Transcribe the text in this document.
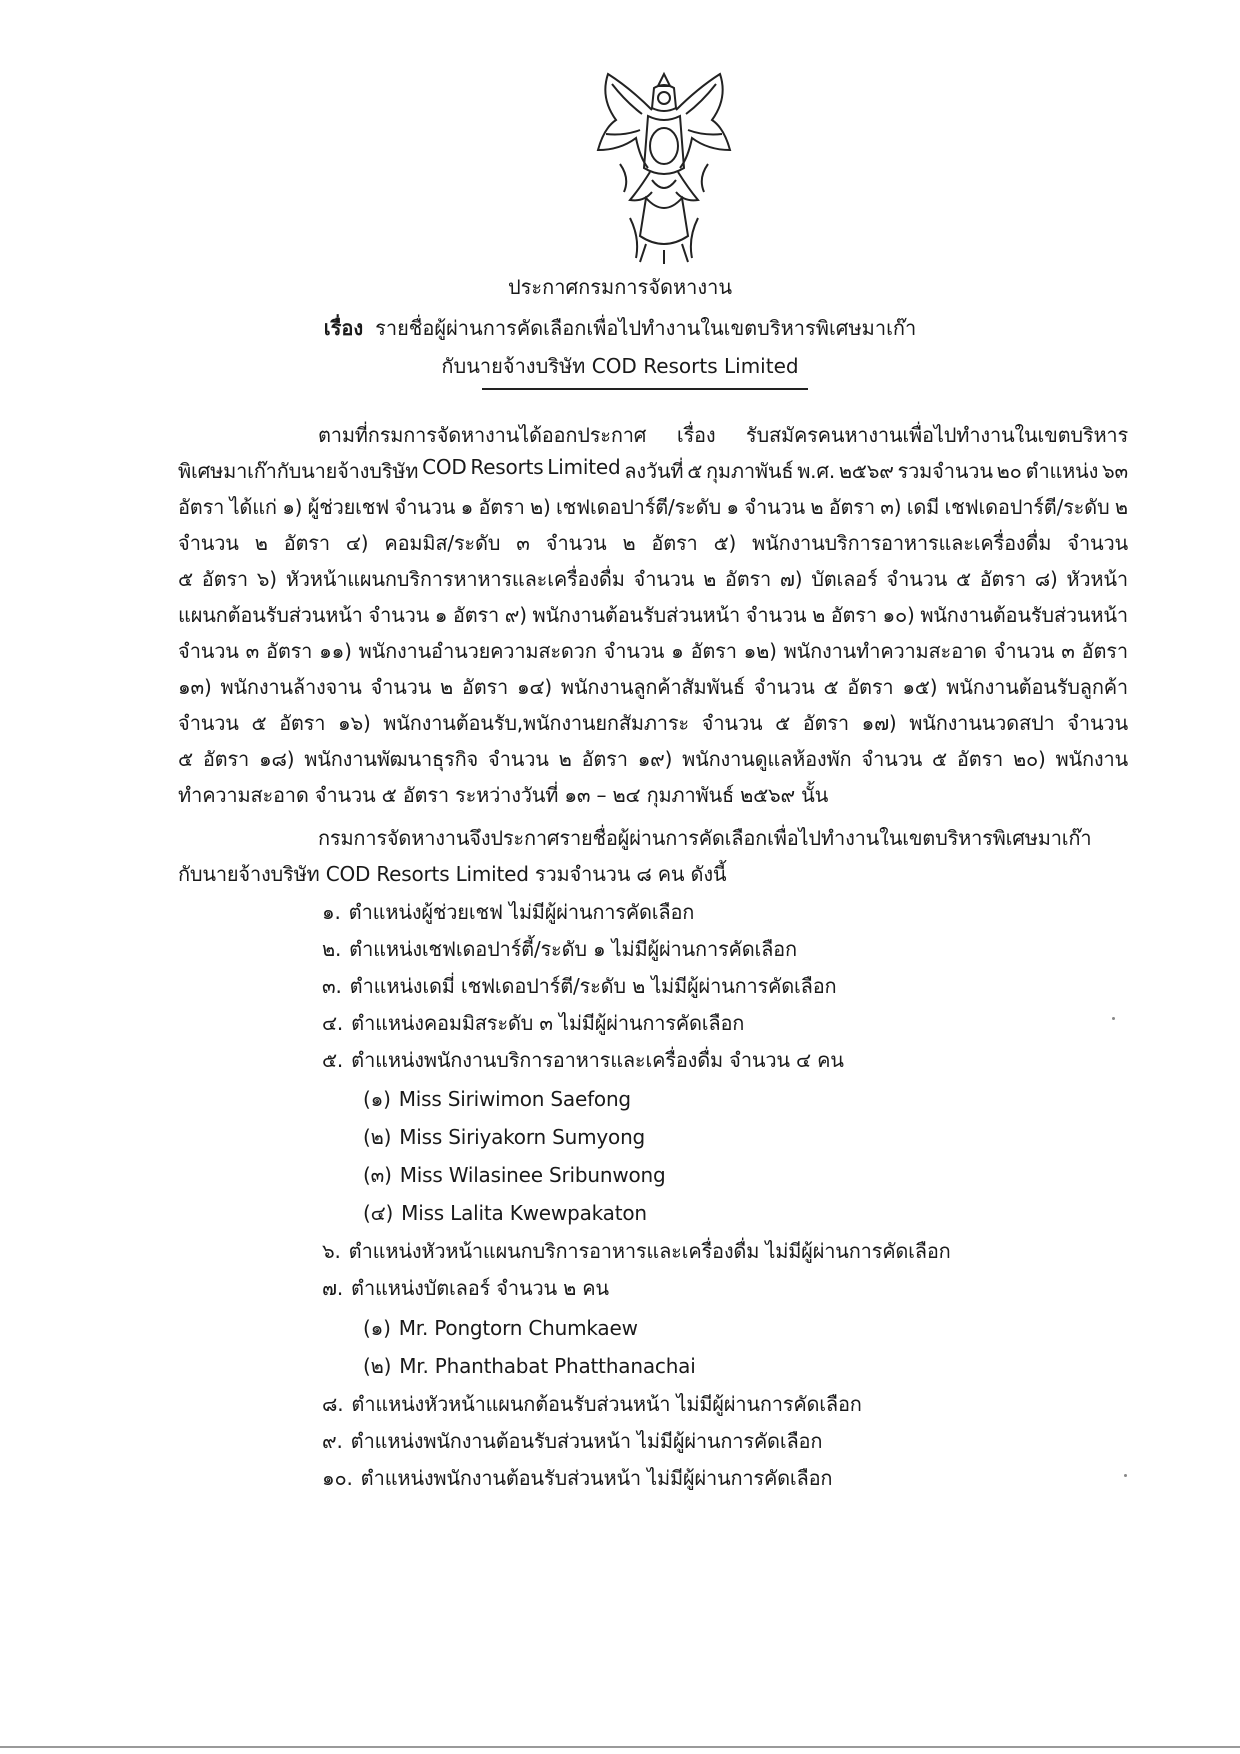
ประกาศกรมการจัดหางาน
เรื่อง รายชื่อผู้ผ่านการคัดเลือกเพื่อไปทำงานในเขตบริหารพิเศษมาเก๊า
กับนายจ้างบริษัท COD Resorts Limited
ตามที่กรมการจัดหางานได้ออกประกาศ เรื่อง รับสมัครคนหางานเพื่อไปทำงานในเขตบริหาร
พิเศษมาเก๊ากับนายจ้างบริษัท COD Resorts Limited ลงวันที่ ๕ กุมภาพันธ์ พ.ศ. ๒๕๖๙ รวมจำนวน ๒๐ ตำแหน่ง ๖๓
อัตรา ได้แก่ ๑) ผู้ช่วยเชฟ จำนวน ๑ อัตรา ๒) เชฟเดอปาร์ตี/ระดับ ๑ จำนวน ๒ อัตรา ๓) เดมี เชฟเดอปาร์ตี/ระดับ ๒
จำนวน ๒ อัตรา ๔) คอมมิส/ระดับ ๓ จำนวน ๒ อัตรา ๕) พนักงานบริการอาหารและเครื่องดื่ม จำนวน
๕ อัตรา ๖) หัวหน้าแผนกบริการหาหารและเครื่องดื่ม จำนวน ๒ อัตรา ๗) บัตเลอร์ จำนวน ๕ อัตรา ๘) หัวหน้า
แผนกต้อนรับส่วนหน้า จำนวน ๑ อัตรา ๙) พนักงานต้อนรับส่วนหน้า จำนวน ๒ อัตรา ๑๐) พนักงานต้อนรับส่วนหน้า
จำนวน ๓ อัตรา ๑๑) พนักงานอำนวยความสะดวก จำนวน ๑ อัตรา ๑๒) พนักงานทำความสะอาด จำนวน ๓ อัตรา
๑๓) พนักงานล้างจาน จำนวน ๒ อัตรา ๑๔) พนักงานลูกค้าสัมพันธ์ จำนวน ๕ อัตรา ๑๕) พนักงานต้อนรับลูกค้า
จำนวน ๕ อัตรา ๑๖) พนักงานต้อนรับ,พนักงานยกสัมภาระ จำนวน ๕ อัตรา ๑๗) พนักงานนวดสปา จำนวน
๕ อัตรา ๑๘) พนักงานพัฒนาธุรกิจ จำนวน ๒ อัตรา ๑๙) พนักงานดูแลห้องพัก จำนวน ๕ อัตรา ๒๐) พนักงาน
ทำความสะอาด จำนวน ๕ อัตรา ระหว่างวันที่ ๑๓ – ๒๔ กุมภาพันธ์ ๒๕๖๙ นั้น
กรมการจัดหางานจึงประกาศรายชื่อผู้ผ่านการคัดเลือกเพื่อไปทำงานในเขตบริหารพิเศษมาเก๊า
กับนายจ้างบริษัท COD Resorts Limited รวมจำนวน ๘ คน ดังนี้
๑. ตำแหน่งผู้ช่วยเชฟ ไม่มีผู้ผ่านการคัดเลือก
๒. ตำแหน่งเชฟเดอปาร์ตี้/ระดับ ๑ ไม่มีผู้ผ่านการคัดเลือก
๓. ตำแหน่งเดมี่ เชฟเดอปาร์ตี/ระดับ ๒ ไม่มีผู้ผ่านการคัดเลือก
๔. ตำแหน่งคอมมิสระดับ ๓ ไม่มีผู้ผ่านการคัดเลือก
๕. ตำแหน่งพนักงานบริการอาหารและเครื่องดื่ม จำนวน ๔ คน
(๑) Miss Siriwimon Saefong
(๒) Miss Siriyakorn Sumyong
(๓) Miss Wilasinee Sribunwong
(๔) Miss Lalita Kwewpakaton
๖. ตำแหน่งหัวหน้าแผนกบริการอาหารและเครื่องดื่ม ไม่มีผู้ผ่านการคัดเลือก
๗. ตำแหน่งบัตเลอร์ จำนวน ๒ คน
(๑) Mr. Pongtorn Chumkaew
(๒) Mr. Phanthabat Phatthanachai
๘. ตำแหน่งหัวหน้าแผนกต้อนรับส่วนหน้า ไม่มีผู้ผ่านการคัดเลือก
๙. ตำแหน่งพนักงานต้อนรับส่วนหน้า ไม่มีผู้ผ่านการคัดเลือก
๑๐. ตำแหน่งพนักงานต้อนรับส่วนหน้า ไม่มีผู้ผ่านการคัดเลือก
